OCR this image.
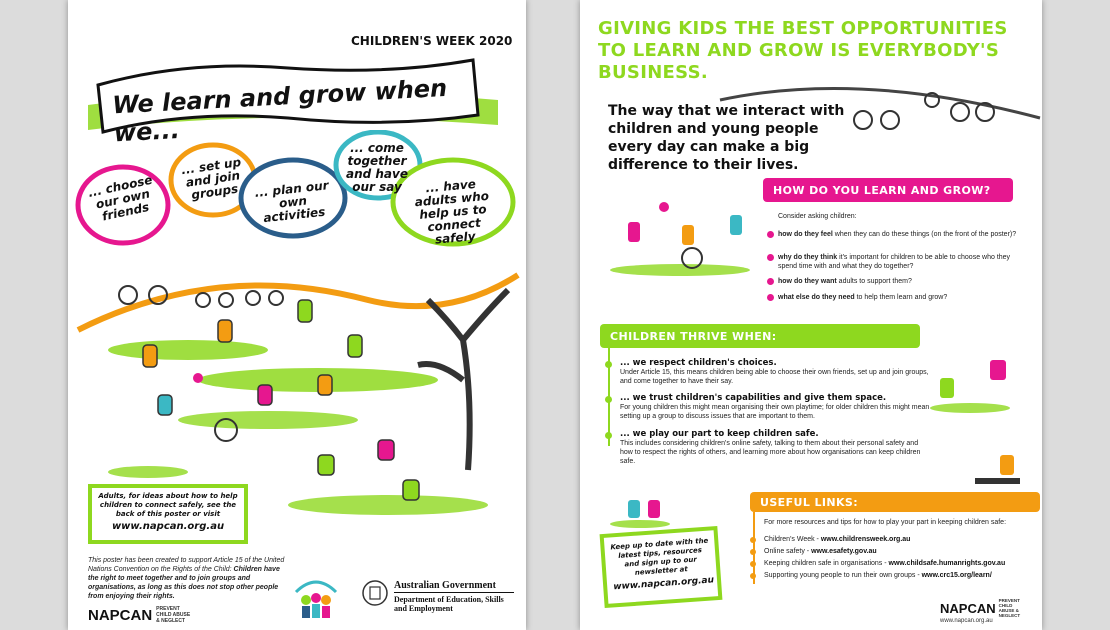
CHILDREN'S WEEK 2020
We learn and grow when we...
... choose our own friends
... set up and join groups	... plan our own activities
... come together and have our say	... have adults who help us to connect safely
Adults, for ideas about how to help children to connect safely, see the back of this poster or visit
www.napcan.org.au
This poster has been created to support Article 15 of the United Nations Convention on the Rights of the Child: Children have the right to meet together and to join groups and organisations, as long as this does not stop other people from enjoying their rights.
NAPCAN PREVENT CHILD ABUSE & NEGLECT
Australian Government
Department of Education, Skills and Employment
GIVING KIDS THE BEST OPPORTUNITIES TO LEARN AND GROW IS EVERYBODY'S BUSINESS.
The way that we interact with children and young people every day can make a big difference to their lives.
HOW DO YOU LEARN AND GROW?
Consider asking children:
how do they feel when they can do these things (on the front of the poster)?
why do they think it's important for children to be able to choose who they spend time with and what they do together?
how do they want adults to support them?
what else do they need to help them learn and grow?
CHILDREN THRIVE WHEN:
... we respect children's choices.
Under Article 15, this means children being able to choose their own friends, set up and join groups, and come together to have their say.
... we trust children's capabilities and give them space.
For young children this might mean organising their own playtime; for older children this might mean setting up a group to discuss issues that are important to them.
... we play our part to keep children safe.
This includes considering children's online safety, talking to them about their personal safety and how to respect the rights of others, and learning more about how organisations can keep children safe.
USEFUL LINKS:
For more resources and tips for how to play your part in keeping children safe:
Children's Week - www.childrensweek.org.au
Online safety - www.esafety.gov.au
Keeping children safe in organisations - www.childsafe.humanrights.gov.au
Supporting young people to run their own groups - www.crc15.org/learn/
Keep up to date with the latest tips, resources and sign up to our newsletter at
www.napcan.org.au
NAPCAN PREVENT CHILD ABUSE & NEGLECT
www.napcan.org.au
